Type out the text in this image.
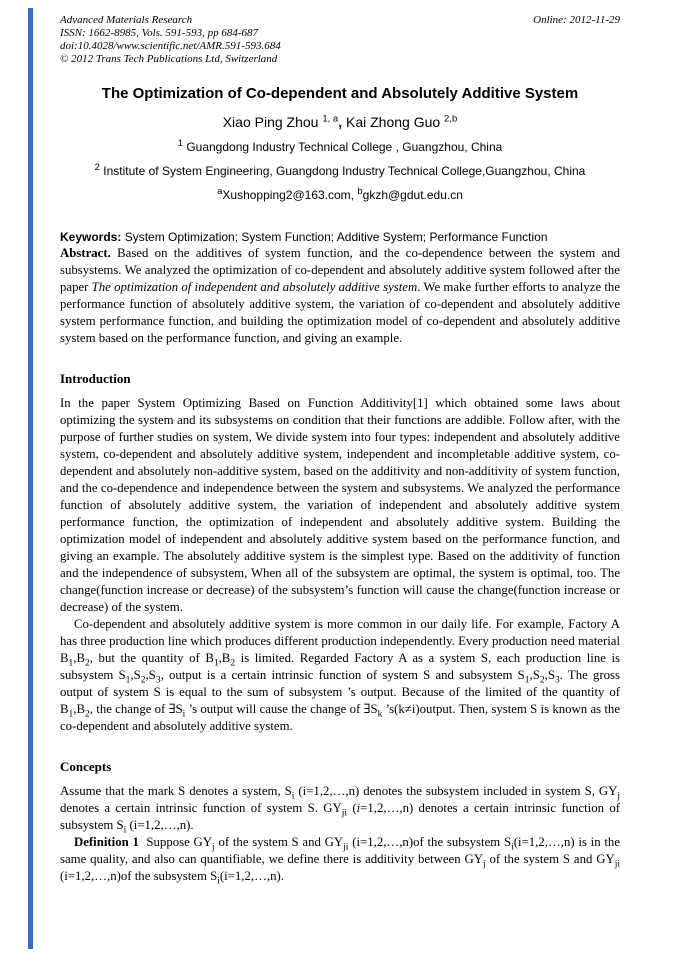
Advanced Materials Research	Online: 2012-11-29
ISSN: 1662-8985, Vols. 591-593, pp 684-687
doi:10.4028/www.scientific.net/AMR.591-593.684
© 2012 Trans Tech Publications Ltd, Switzerland
The Optimization of Co-dependent and Absolutely Additive System
Xiao Ping Zhou $^{1, a}$, Kai Zhong Guo $^{2,b}$
$^1$ Guangdong Industry Technical College , Guangzhou, China
$^2$ Institute of System Engineering, Guangdong Industry Technical College,Guangzhou, China
$^a$Xushopping2@163.com, $^b$gkzh@gdut.edu.cn
Keywords: System Optimization; System Function; Additive System; Performance Function

Abstract. Based on the additives of system function, and the co-dependence between the system and subsystems. We analyzed the optimization of co-dependent and absolutely additive system followed after the paper The optimization of independent and absolutely additive system. We make further efforts to analyze the performance function of absolutely additive system, the variation of co-dependent and absolutely additive system performance function, and building the optimization model of co-dependent and absolutely additive system based on the performance function, and giving an example.

Introduction

In the paper System Optimizing Based on Function Additivity[1] which obtained some laws about optimizing the system and its subsystems on condition that their functions are addible. Follow after, with the purpose of further studies on system, We divide system into four types: independent and absolutely additive system, co-dependent and absolutely additive system, independent and incompletable additive system, co-dependent and absolutely non-additive system, based on the additivity and non-additivity of system function, and the co-dependence and independence between the system and subsystems. We analyzed the performance function of absolutely additive system, the variation of independent and absolutely additive system performance function, the optimization of independent and absolutely additive system. Building the optimization model of independent and absolutely additive system based on the performance function, and giving an example. The absolutely additive system is the simplest type. Based on the additivity of function and the independence of subsystem, When all of the subsystem are optimal, the system is optimal, too. The change(function increase or decrease) of the subsystem’s function will cause the change(function increase or decrease) of the system.

Co-dependent and absolutely additive system is more common in our daily life. For example, Factory A has three production line which produces different production independently. Every production need material $B_1,B_2$, but the quantity of $B_1,B_2$ is limited. Regarded Factory A as a system S, each production line is subsystem $S_1,S_2,S_3$, output is a certain intrinsic function of system S and subsystem $S_1,S_2,S_3$. The gross output of system S is equal to the sum of subsystem ’s output. Because of the limited of the quantity of $B_1,B_2$, the change of $\exists S_i$ ’s output will cause the change of $\exists S_k$ ’s(k≠i)output. Then, system S is known as the co-dependent and absolutely additive system.

Concepts

Assume that the mark S denotes a system, $S_i$ (i=1,2,…,n) denotes the subsystem included in system S, $GY_j$ denotes a certain intrinsic function of system S. $GY_{ji}$ (i=1,2,…,n) denotes a certain intrinsic function of subsystem $S_i$ (i=1,2,…,n).

Definition 1  Suppose $GY_j$ of the system S and $GY_{ji}$ (i=1,2,…,n)of the subsystem $S_i(i=1,2,\dots,n)$ is in the same quality, and also can quantifiable, we define there is additivity between $GY_j$ of the system S and $GY_{ji}$ (i=1,2,…,n)of the subsystem $S_i(i=1,2,\dots,n)$.
